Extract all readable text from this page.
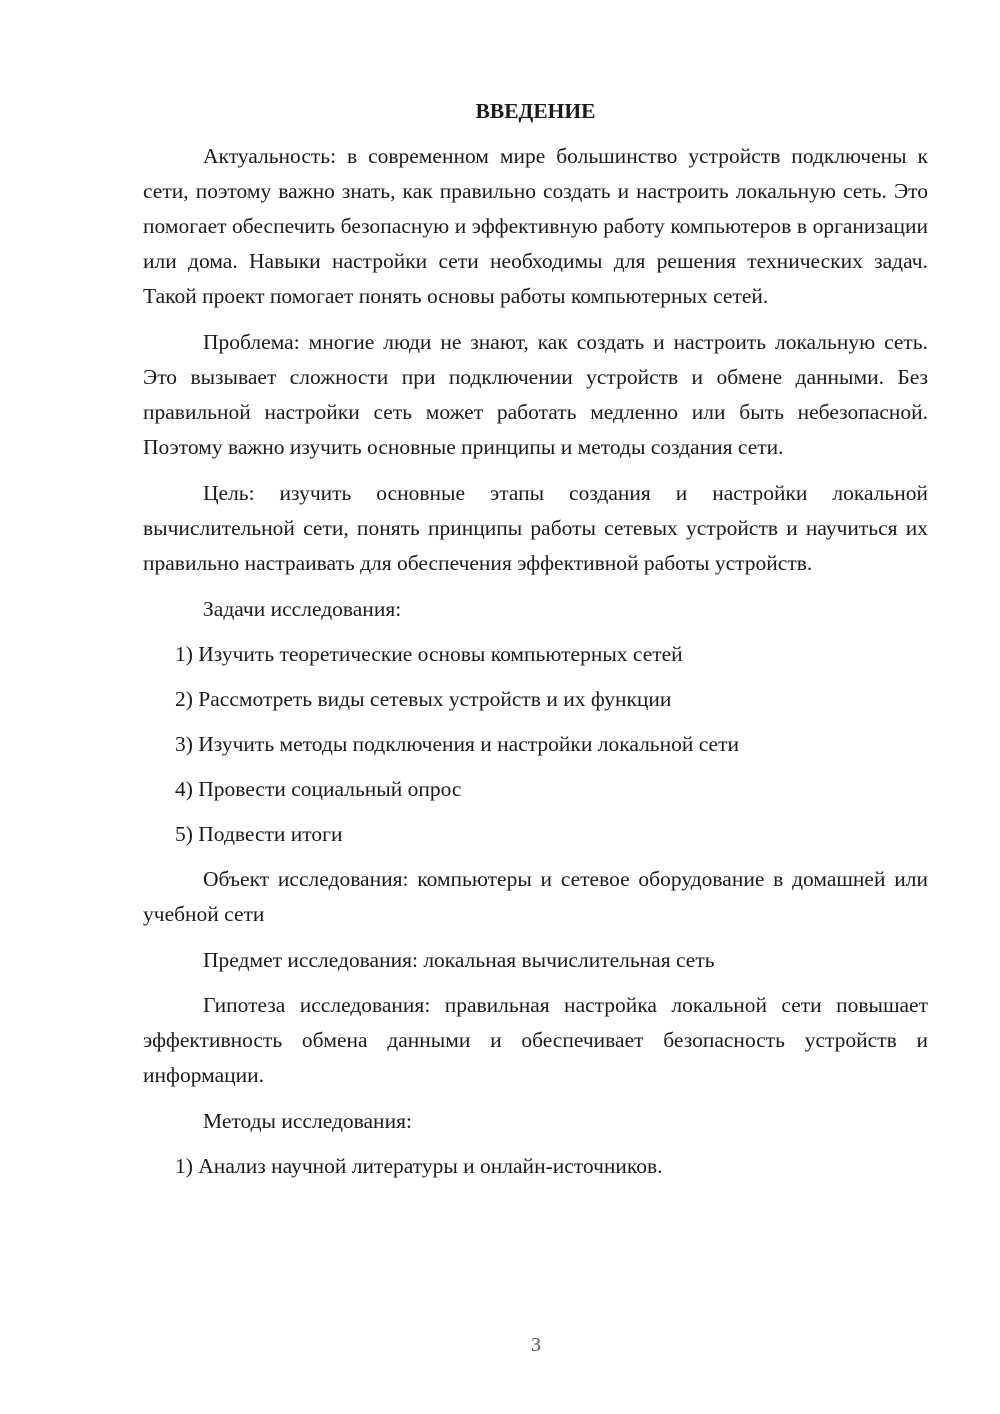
ВВЕДЕНИЕ

Актуальность: в современном мире большинство устройств подключены к сети, поэтому важно знать, как правильно создать и настроить локальную сеть. Это помогает обеспечить безопасную и эффективную работу компьютеров в организации или дома. Навыки настройки сети необходимы для решения технических задач. Такой проект помогает понять основы работы компьютерных сетей.

Проблема: многие люди не знают, как создать и настроить локальную сеть. Это вызывает сложности при подключении устройств и обмене данными. Без правильной настройки сеть может работать медленно или быть небезопасной. Поэтому важно изучить основные принципы и методы создания сети.

Цель: изучить основные этапы создания и настройки локальной вычислительной сети, понять принципы работы сетевых устройств и научиться их правильно настраивать для обеспечения эффективной работы устройств.

Задачи исследования:

1) Изучить теоретические основы компьютерных сетей
2) Рассмотреть виды сетевых устройств и их функции
3) Изучить методы подключения и настройки локальной сети
4) Провести социальный опрос
5) Подвести итоги

Объект исследования: компьютеры и сетевое оборудование в домашней или учебной сети

Предмет исследования: локальная вычислительная сеть

Гипотеза исследования: правильная настройка локальной сети повышает эффективность обмена данными и обеспечивает безопасность устройств и информации.

Методы исследования:

1) Анализ научной литературы и онлайн-источников.
3
